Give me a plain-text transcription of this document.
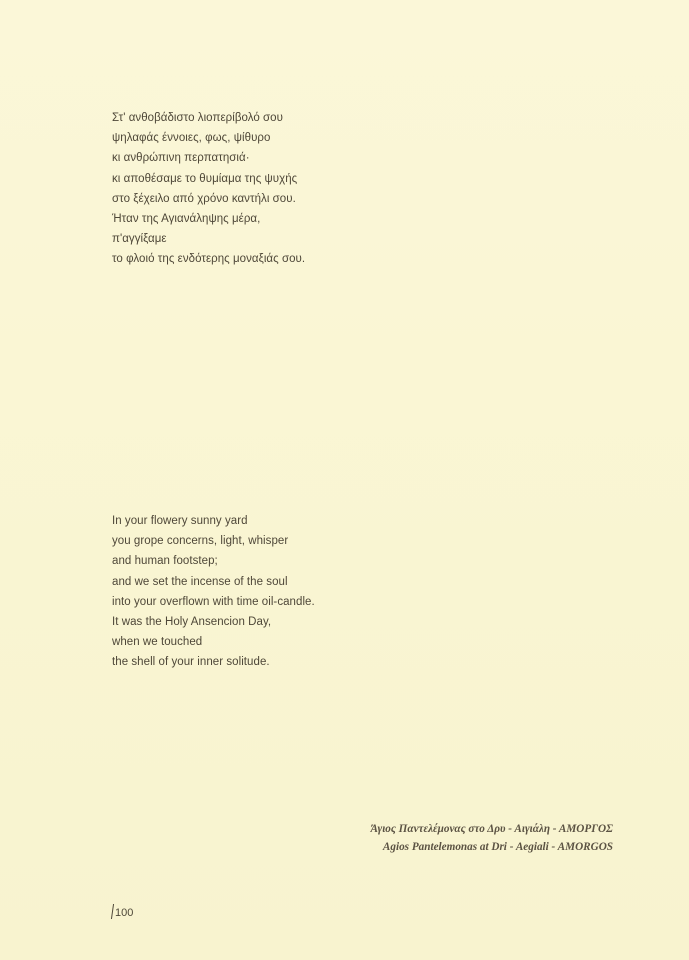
Στ' ανθοβάδιστο λιοπερίβολό σου
ψηλαφάς έννοιες, φως, ψίθυρο
κι ανθρώπινη περπατησιά·
κι αποθέσαμε το θυμίαμα της ψυχής
στο ξέχειλο από χρόνο καντήλι σου.
Ήταν της Αγιανάληψης μέρα,
π'αγγίξαμε
το φλοιό της ενδότερης μοναξιάς σου.
In your flowery sunny yard
you grope concerns, light, whisper
and human footstep;
and we set the incense of the soul
into your overflown with time oil-candle.
It was the Holy Ansencion Day,
when we touched
the shell of your inner solitude.
Άγιος Παντελέμονας στο Δρυ - Αιγιάλη - ΑΜΟΡΓΟΣ
Agios Pantelemonas at Dri - Aegiali - AMORGOS
100
